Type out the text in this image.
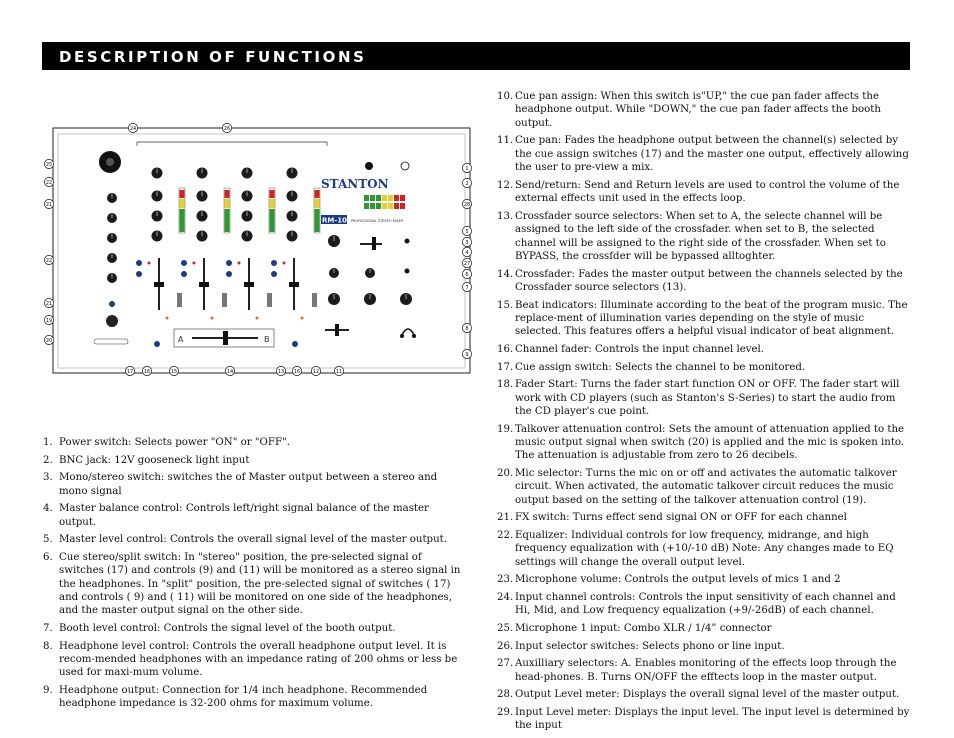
DESCRIPTION OF FUNCTIONS
STANTON
RM-100 PROFESSIONAL STEREO MIXER
A	B
1
2
28
5
3
4
27
6
7
8
9
25
22
21
22
21
19
20
24	26
17 16	15	14	13 16	12	11
1. Power switch: Selects power "ON" or "OFF".
2. BNC jack: 12V gooseneck light input
3. Mono/stereo switch: switches the of Master output between a stereo and mono signal
4. Master balance control: Controls left/right signal balance of the master output.
5. Master level control: Controls the overall signal level of the master output.
6. Cue stereo/split switch: In "stereo" position, the pre-selected signal of switches (17) and controls (9) and (11) will be monitored as a stereo signal in the headphones. In "split" position, the pre-selected signal of switches ( 17) and controls ( 9) and ( 11) will be monitored on one side of the headphones, and the master output signal on the other side.
7. Booth level control: Controls the signal level of the booth output.
8. Headphone level control: Controls the overall headphone output level. It is recom-mended headphones with an impedance rating of 200 ohms or less be used for maxi-mum volume.
9. Headphone output: Connection for 1/4 inch headphone. Recommended headphone impedance is 32-200 ohms for maximum volume.
10. Cue pan assign: When this switch is"UP," the cue pan fader affects the headphone output. While "DOWN," the cue pan fader affects the booth output.
11. Cue pan: Fades the headphone output between the channel(s) selected by the cue assign switches (17) and the master one output, effectively allowing the user to pre-view a mix.
12. Send/return: Send and Return levels are used to control the volume of the external effects unit used in the effects loop.
13. Crossfader source selectors: When set to A, the selecte channel will be assigned to the left side of the crossfader. when set to B, the selected channel will be assigned to the right side of the crossfader. When set to BYPASS, the crossfder will be bypassed alltoghter.
14. Crossfader: Fades the master output between the channels selected by the Crossfader source selectors (13).
15. Beat indicators: Illuminate according to the beat of the program music. The replace-ment of illumination varies depending on the style of music selected. This features offers a helpful visual indicator of beat alignment.
16. Channel fader: Controls the input channel level.
17. Cue assign switch: Selects the channel to be monitored.
18. Fader Start: Turns the fader start function ON or OFF. The fader start will work with CD players (such as Stanton's S-Series) to start the audio from the CD player's cue point.
19. Talkover attenuation control: Sets the amount of attenuation applied to the music output signal when switch (20) is applied and the mic is spoken into. The attenuation is adjustable from zero to 26 decibels.
20. Mic selector: Turns the mic on or off and activates the automatic talkover circuit. When activated, the automatic talkover circuit reduces the music output based on the setting of the talkover attenuation control (19).
21. FX switch: Turns effect send signal ON or OFF for each channel
22. Equalizer: Individual controls for low frequency, midrange, and high frequency equalization with (+10/-10 dB) Note: Any changes made to EQ settings will change the overall output level.
23. Microphone volume: Controls the output levels of mics 1 and 2
24. Input channel controls: Controls the input sensitivity of each channel and Hi, Mid, and Low frequency equalization (+9/-26dB) of each channel.
25. Microphone 1 input: Combo XLR / 1/4” connector
26. Input selector switches: Selects phono or line input.
27. Auxilliary selectors: A. Enables monitoring of the effects loop through the head-phones. B. Turns ON/OFF the efftects loop in the master output.
28. Output Level meter: Displays the overall signal level of the master output.
29. Input Level meter: Displays the input level. The input level is determined by the input
